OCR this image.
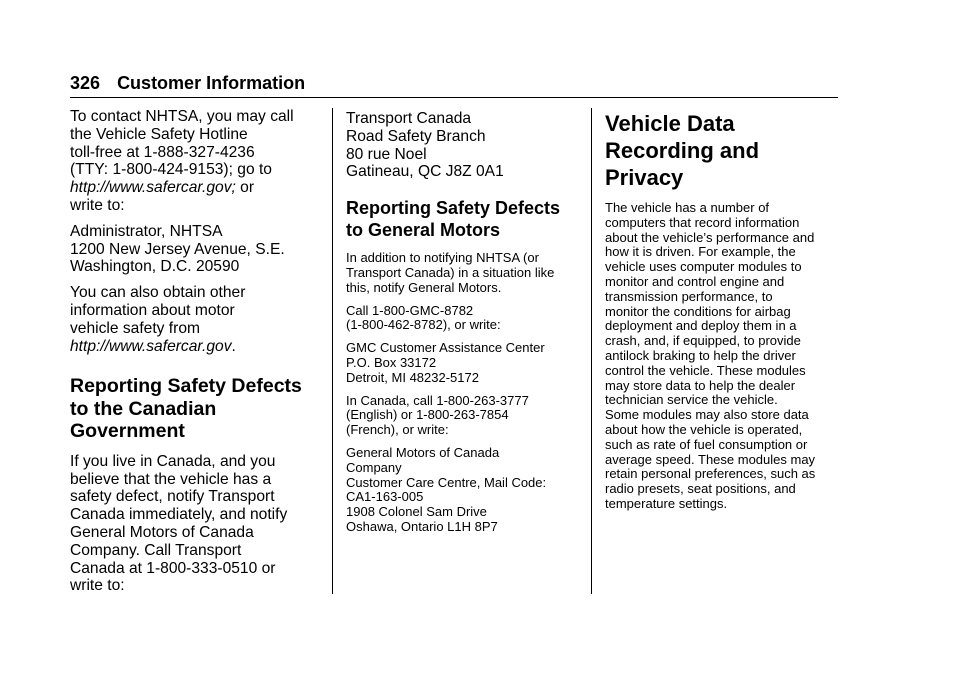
326 Customer Information

To contact NHTSA, you may call
the Vehicle Safety Hotline
toll-free at 1-888-327-4236
(TTY: 1-800-424-9153); go to
http://www.safercar.gov; or
write to:

Administrator, NHTSA
1200 New Jersey Avenue, S.E.
Washington, D.C. 20590

You can also obtain other
information about motor
vehicle safety from
http://www.safercar.gov.

Reporting Safety Defects
to the Canadian
Government

If you live in Canada, and you
believe that the vehicle has a
safety defect, notify Transport
Canada immediately, and notify
General Motors of Canada
Company. Call Transport
Canada at 1-800-333-0510 or
write to:

Transport Canada
Road Safety Branch
80 rue Noel
Gatineau, QC J8Z 0A1

Reporting Safety Defects
to General Motors

In addition to notifying NHTSA (or
Transport Canada) in a situation like
this, notify General Motors.

Call 1-800-GMC-8782
(1-800-462-8782), or write:

GMC Customer Assistance Center
P.O. Box 33172
Detroit, MI 48232-5172

In Canada, call 1-800-263-3777
(English) or 1-800-263-7854
(French), or write:

General Motors of Canada
Company
Customer Care Centre, Mail Code:
CA1-163-005
1908 Colonel Sam Drive
Oshawa, Ontario L1H 8P7

Vehicle Data
Recording and
Privacy

The vehicle has a number of
computers that record information
about the vehicle’s performance and
how it is driven. For example, the
vehicle uses computer modules to
monitor and control engine and
transmission performance, to
monitor the conditions for airbag
deployment and deploy them in a
crash, and, if equipped, to provide
antilock braking to help the driver
control the vehicle. These modules
may store data to help the dealer
technician service the vehicle.
Some modules may also store data
about how the vehicle is operated,
such as rate of fuel consumption or
average speed. These modules may
retain personal preferences, such as
radio presets, seat positions, and
temperature settings.
